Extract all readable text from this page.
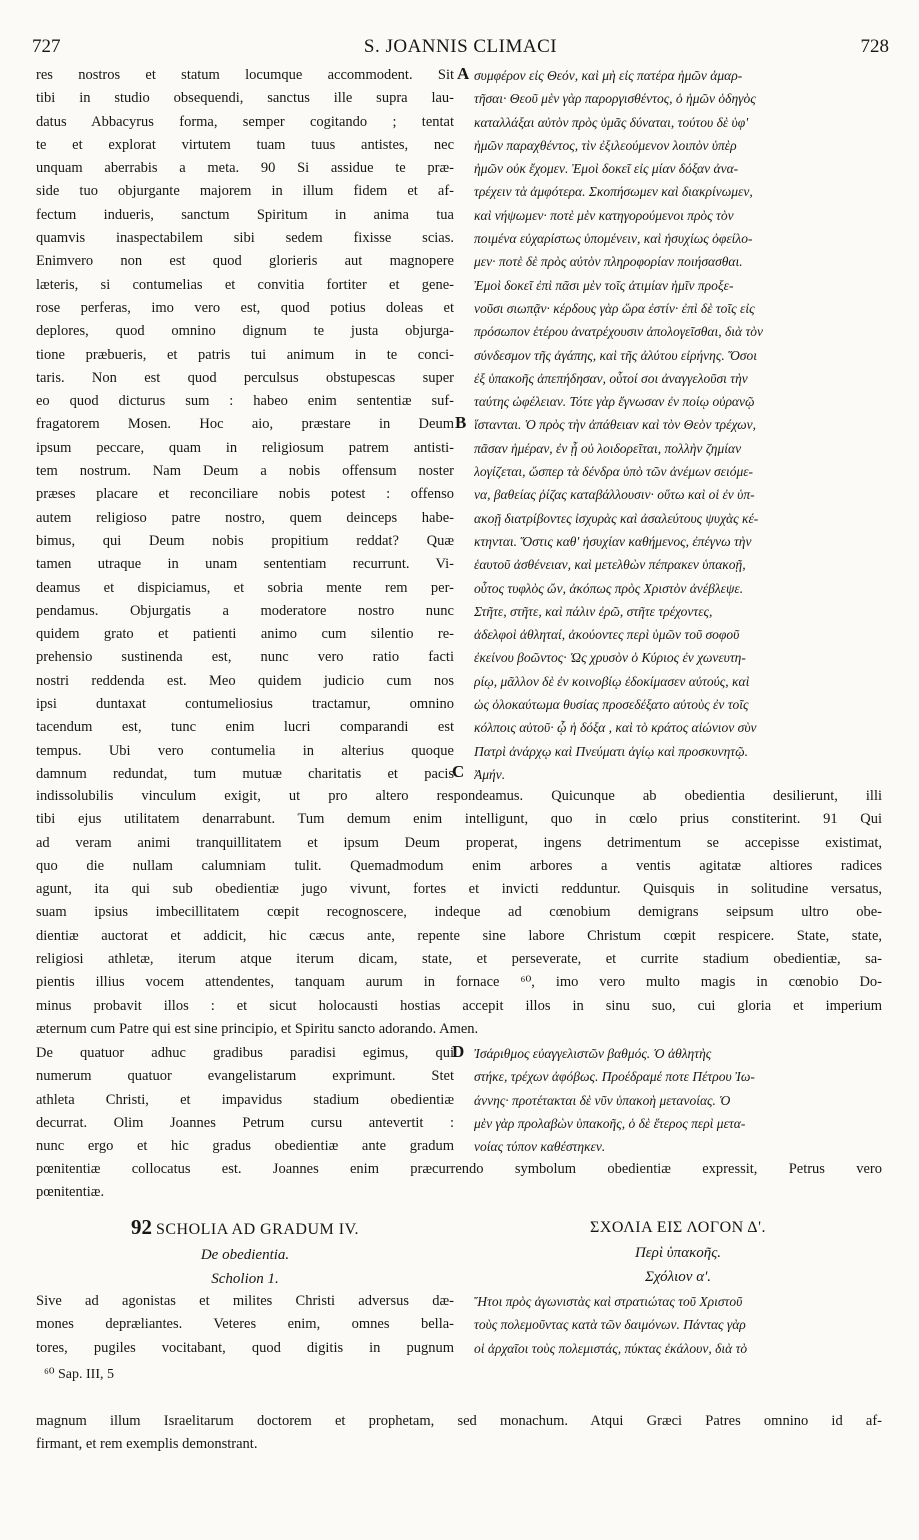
727	S. JOANNIS CLIMACI	728
res nostros et statum locumque accommodent. Sit
tibi in studio obsequendi, sanctus ille supra lau-
datus Abbacyrus forma, semper cogitando ; tentat
te et explorat virtutem tuam tuus antistes, nec
unquam aberrabis a meta. 90 Si assidue te præ-
side tuo objurgante majorem in illum fidem et af-
fectum indueris, sanctum Spiritum in anima tua
quamvis inaspectabilem sibi sedem fixisse scias.
Enimvero non est quod glorieris aut magnopere
læteris, si contumelias et convitia fortiter et gene-
rose perferas, imo vero est, quod potius doleas et
deplores, quod omnino dignum te justa objurga-
tione præbueris, et patris tui animum in te conci-
taris. Non est quod perculsus obstupescas super
eo quod dicturus sum : habeo enim sententiæ suf-
fragatorem Mosen. Hoc aio, præstare in Deum
ipsum peccare, quam in religiosum patrem antisti-
tem nostrum. Nam Deum a nobis offensum noster
præses placare et reconciliare nobis potest : offenso
autem religioso patre nostro, quem deinceps habe-
bimus, qui Deum nobis propitium reddat? Quæ
tamen utraque in unam sententiam recurrunt. Vi-
deamus et dispiciamus, et sobria mente rem per-
pendamus. Objurgatis a moderatore nostro nunc
quidem grato et patienti animo cum silentio re-
prehensio sustinenda est, nunc vero ratio facti
nostri reddenda est. Meo quidem judicio cum nos
ipsi duntaxat contumeliosius tractamur, omnino
tacendum est, tunc enim lucri comparandi est
tempus. Ubi vero contumelia in alterius quoque
damnum redundat, tum mutuæ charitatis et pacis
A
B
C
συμφέρον εἰς Θεόν, καὶ μὴ εἰς πατέρα ἡμῶν ἁμαρ-
τῆσαι· Θεοῦ μὲν γὰρ παροργισθέντος, ὁ ἡμῶν ὁδηγὸς
καταλλάξαι αὐτὸν πρὸς ὑμᾶς δύναται, τούτου δὲ ὑφ'
ἡμῶν παραχθέντος, τὶν ἐξιλεούμενον λοιπὸν ὑπὲρ
ἡμῶν οὐκ ἔχομεν. Ἐμοὶ δοκεῖ εἰς μίαν δόξαν ἀνα-
τρέχειν τὰ ἀμφότερα. Σκοπήσωμεν καὶ διακρίνωμεν,
καὶ νήψωμεν· ποτὲ μὲν κατηγορούμενοι πρὸς τὸν
ποιμένα εὐχαρίστως ὑπομένειν, καὶ ἡσυχίως ὀφείλο-
μεν· ποτὲ δὲ πρὸς αὐτὸν πληροφορίαν ποιήσασθαι.
Ἐμοὶ δοκεῖ ἐπὶ πᾶσι μὲν τοῖς ἀτιμίαν ἡμῖν προξε-
νοῦσι σιωπᾷν· κέρδους γὰρ ὥρα ἐστίν· ἐπὶ δὲ τοῖς εἰς
πρόσωπον ἑτέρου ἀνατρέχουσιν ἀπολογεῖσθαι, διὰ τὸν
σύνδεσμον τῆς ἀγάπης, καὶ τῆς ἀλύτου εἰρήνης. Ὅσοι
ἐξ ὑπακοῆς ἀπεπήδησαν, οὗτοί σοι ἀναγγελοῦσι τὴν
ταύτης ὠφέλειαν. Τότε γὰρ ἔγνωσαν ἐν ποίῳ οὐρανῷ
ἵστανται. Ὁ πρὸς τὴν ἀπάθειαν καὶ τὸν Θεὸν τρέχων,
πᾶσαν ἡμέραν, ἐν ᾗ οὐ λοιδορεῖται, πολλὴν ζημίαν
λογίζεται, ὥσπερ τὰ δένδρα ὑπὸ τῶν ἀνέμων σειόμε-
να, βαθείας ῥίζας καταβάλλουσιν· οὕτω καὶ οἱ ἐν ὑπ-
ακοῇ διατρίβοντες ἰσχυρὰς καὶ ἀσαλεύτους ψυχὰς κέ-
κτηνται. Ὅστις καθ' ἡσυχίαν καθήμενος, ἐπέγνω τὴν
ἑαυτοῦ ἀσθένειαν, καὶ μετελθὼν πέπρακεν ὑπακοῇ,
οὗτος τυφλὸς ὤν, ἀκόπως πρὸς Χριστὸν ἀνέβλεψε.
Στῆτε, στῆτε, καὶ πάλιν ἐρῶ, στῆτε τρέχοντες,
ἀδελφοὶ ἀθληταί, ἀκούοντες περὶ ὑμῶν τοῦ σοφοῦ
ἐκείνου βοῶντος· Ὡς χρυσὸν ὁ Κύριος ἐν χωνευτη-
ρίῳ, μᾶλλον δὲ ἐν κοινοβίῳ ἐδοκίμασεν αὐτούς, καὶ
ὡς ὁλοκαύτωμα θυσίας προσεδέξατο αὐτοὺς ἐν τοῖς
κόλποις αὐτοῦ· ᾧ ἡ δόξα , καὶ τὸ κράτος αἰώνιον σὺν
Πατρὶ ἀνάρχῳ καὶ Πνεύματι ἁγίῳ καὶ προσκυνητῷ.
Ἀμήν.
indissolubilis vinculum exigit, ut pro altero respondeamus. Quicunque ab obedientia desilierunt, illi
tibi ejus utilitatem denarrabunt. Tum demum enim intelligunt, quo in cœlo prius constiterint. 91 Qui
ad veram animi tranquillitatem et ipsum Deum properat, ingens detrimentum se accepisse existimat,
quo die nullam calumniam tulit. Quemadmodum enim arbores a ventis agitatæ altiores radices
agunt, ita qui sub obedientiæ jugo vivunt, fortes et invicti redduntur. Quisquis in solitudine versatus,
suam ipsius imbecillitatem cœpit recognoscere, indeque ad cœnobium demigrans seipsum ultro obe-
dientiæ auctorat et addicit, hic cæcus ante, repente sine labore Christum cœpit respicere. State, state,
religiosi athletæ, iterum atque iterum dicam, state, et perseverate, et currite stadium obedientiæ, sa-
pientis illius vocem attendentes, tanquam aurum in fornace ⁶⁰, imo vero multo magis in cœnobio Do-
minus probavit illos : et sicut holocausti hostias accepit illos in sinu suo, cui gloria et imperium
æternum cum Patre qui est sine principio, et Spiritu sancto adorando. Amen.
De quatuor adhuc gradibus paradisi egimus, qui
numerum quatuor evangelistarum exprimunt. Stet
athleta Christi, et impavidus stadium obedientiæ
decurrat. Olim Joannes Petrum cursu antevertit :
nunc ergo et hic gradus obedientiæ ante gradum
D Ἰσάριθμος εὐαγγελιστῶν βαθμός. Ὁ ἀθλητὴς
στήκε, τρέχων ἀφόβως. Προέδραμέ ποτε Πέτρου Ἰω-
άννης· προτέτακται δὲ νῦν ὑπακοὴ μετανοίας. Ὁ
μὲν γὰρ προλαβὼν ὑπακοῆς, ὁ δὲ ἕτερος περὶ μετα-
νοίας τύπον καθέστηκεν.
pœnitentiæ collocatus est. Joannes enim præcurrendo symbolum obedientiæ expressit, Petrus vero
pœnitentiæ.
92 SCHOLIA AD GRADUM IV.
De obedientia.
Scholion 1.
ΣΧΟΛΙΑ ΕΙΣ ΛΟΓΟΝ Δ'.
Περὶ ὑπακοῆς.
Σχόλιον α'.
Sive ad agonistas et milites Christi adversus dæ-
mones depræliantes. Veteres enim, omnes bella-
tores, pugiles vocitabant, quod digitis in pugnum
Ἤτοι πρὸς ἀγωνιστὰς καὶ στρατιώτας τοῦ Χριστοῦ
τοὺς πολεμοῦντας κατὰ τῶν δαιμόνων. Πάντας γὰρ
οἱ ἀρχαῖοι τοὺς πολεμιστάς, πύκτας ἐκάλουν, διὰ τὸ
⁶⁰ Sap. III, 5
magnum illum Israelitarum doctorem et prophetam, sed monachum. Atqui Græci Patres omnino id af-
firmant, et rem exemplis demonstrant.
